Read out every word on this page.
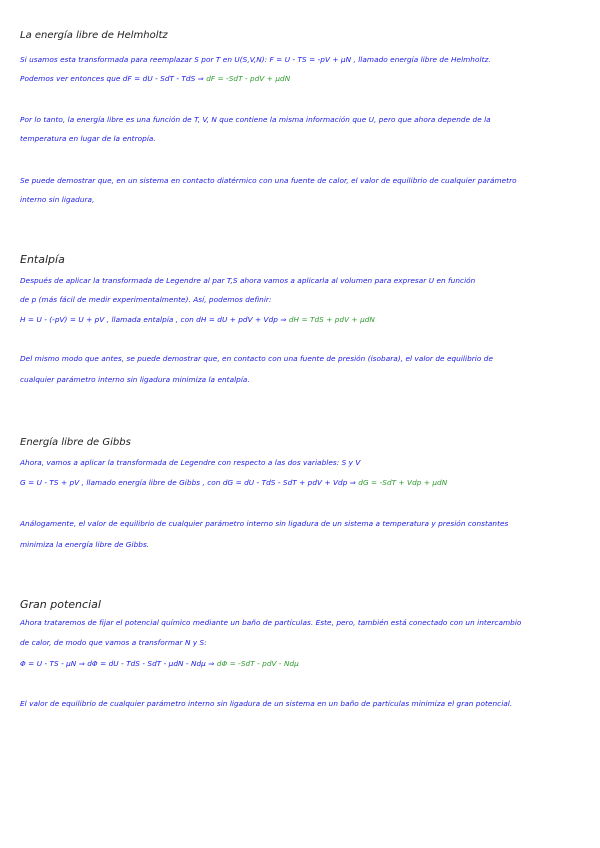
La energía libre de Helmholtz
Si usamos esta transformada para reemplazar S por T en U(S,V,N): F = U - TS = -pV + μN , llamado energía libre de Helmholtz.
Podemos ver entonces que dF = dU - SdT - TdS ⇒ dF = -SdT - pdV + μdN
Por lo tanto, la energía libre es una función de T, V, N que contiene la misma información que U, pero que ahora depende de la
temperatura en lugar de la entropía.
Se puede demostrar que, en un sistema en contacto diatérmico con una fuente de calor, el valor de equilibrio de cualquier parámetro
interno sin ligadura,
Entalpía
Después de aplicar la transformada de Legendre al par T,S ahora vamos a aplicarla al volumen para expresar U en función
de p (más fácil de medir experimentalmente). Así, podemos definir:
H = U - (-pV) = U + pV , llamada entalpía , con dH = dU + pdV + Vdp ⇒ dH = TdS + pdV + μdN
Del mismo modo que antes, se puede demostrar que, en contacto con una fuente de presión (isobara), el valor de equilibrio de
cualquier parámetro interno sin ligadura minimiza la entalpía.
Energía libre de Gibbs
Ahora, vamos a aplicar la transformada de Legendre con respecto a las dos variables: S y V
G = U - TS + pV , llamado energía libre de Gibbs , con dG = dU - TdS - SdT + pdV + Vdp ⇒ dG = -SdT + Vdp + μdN
Análogamente, el valor de equilibrio de cualquier parámetro interno sin ligadura de un sistema a temperatura y presión constantes
minimiza la energía libre de Gibbs.
Gran potencial
Ahora trataremos de fijar el potencial químico mediante un baño de partículas. Este, pero, también está conectado con un intercambio
de calor, de modo que vamos a transformar N y S:
Φ = U - TS - μN ⇒ dΦ = dU - TdS - SdT - μdN - Ndμ ⇒ dΦ = -SdT - pdV - Ndμ
El valor de equilibrio de cualquier parámetro interno sin ligadura de un sistema en un baño de partículas minimiza el gran potencial.
